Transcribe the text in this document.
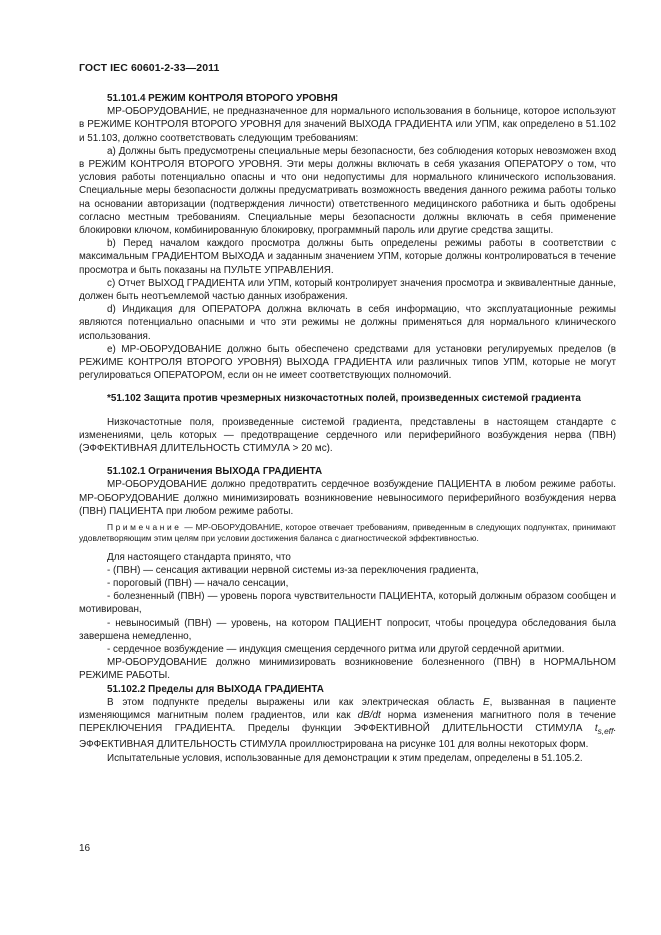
ГОСТ IEC 60601-2-33—2011

51.101.4 РЕЖИМ КОНТРОЛЯ ВТОРОГО УРОВНЯ

МР-ОБОРУДОВАНИЕ, не предназначенное для нормального использования в больнице, которое используют в РЕЖИМЕ КОНТРОЛЯ ВТОРОГО УРОВНЯ для значений ВЫХОДА ГРАДИЕНТА или УПМ, как определено в 51.102 и 51.103, должно соответствовать следующим требованиям:

а) Должны быть предусмотрены специальные меры безопасности, без соблюдения которых невозможен вход в РЕЖИМ КОНТРОЛЯ ВТОРОГО УРОВНЯ. Эти меры должны включать в себя указания ОПЕРАТОРУ о том, что условия работы потенциально опасны и что они недопустимы для нормального клинического использования. Специальные меры безопасности должны предусматривать возможность введения данного режима работы только на основании авторизации (подтверждения личности) ответственного медицинского работника и быть одобрены согласно местным требованиям. Специальные меры безопасности должны включать в себя применение блокировки ключом, комбинированную блокировку, программный пароль или другие средства защиты.

b) Перед началом каждого просмотра должны быть определены режимы работы в соответствии с максимальным ГРАДИЕНТОМ ВЫХОДА и заданным значением УПМ, которые должны контролироваться в течение просмотра и быть показаны на ПУЛЬТЕ УПРАВЛЕНИЯ.

с) Отчет ВЫХОД ГРАДИЕНТА или УПМ, который контролирует значения просмотра и эквивалентные данные, должен быть неотъемлемой частью данных изображения.

d) Индикация для ОПЕРАТОРА должна включать в себя информацию, что эксплуатационные режимы являются потенциально опасными и что эти режимы не должны применяться для нормального клинического использования.

е) МР-ОБОРУДОВАНИЕ должно быть обеспечено средствами для установки регулируемых пределов (в РЕЖИМЕ КОНТРОЛЯ ВТОРОГО УРОВНЯ) ВЫХОДА ГРАДИЕНТА или различных типов УПМ, которые не могут регулироваться ОПЕРАТОРОМ, если он не имеет соответствующих полномочий.

*51.102 Защита против чрезмерных низкочастотных полей, произведенных системой градиента

Низкочастотные поля, произведенные системой градиента, представлены в настоящем стандарте с изменениями, цель которых — предотвращение сердечного или периферийного возбуждения нерва (ПВН) (ЭФФЕКТИВНАЯ ДЛИТЕЛЬНОСТЬ СТИМУЛА > 20 мс).

51.102.1 Ограничения ВЫХОДА ГРАДИЕНТА

МР-ОБОРУДОВАНИЕ должно предотвратить сердечное возбуждение ПАЦИЕНТА в любом режиме работы. МР-ОБОРУДОВАНИЕ должно минимизировать возникновение невыносимого периферийного возбуждения нерва (ПВН) ПАЦИЕНТА при любом режиме работы.

Примечание — МР-ОБОРУДОВАНИЕ, которое отвечает требованиям, приведенным в следующих подпунктах, принимают удовлетворяющим этим целям при условии достижения баланса с диагностической эффективностью.

Для настоящего стандарта принято, что

- (ПВН) — сенсация активации нервной системы из-за переключения градиента,

- пороговый (ПВН) — начало сенсации,

- болезненный (ПВН) — уровень порога чувствительности ПАЦИЕНТА, который должным образом сообщен и мотивирован,

- невыносимый (ПВН) — уровень, на котором ПАЦИЕНТ попросит, чтобы процедура обследования была завершена немедленно,

- сердечное возбуждение — индукция смещения сердечного ритма или другой сердечной аритмии.

МР-ОБОРУДОВАНИЕ должно минимизировать возникновение болезненного (ПВН) в НОРМАЛЬНОМ РЕЖИМЕ РАБОТЫ.

51.102.2 Пределы для ВЫХОДА ГРАДИЕНТА

В этом подпункте пределы выражены или как электрическая область Е, вызванная в пациенте изменяющимся магнитным полем градиентов, или как dB/dt норма изменения магнитного поля в течение ПЕРЕКЛЮЧЕНИЯ ГРАДИЕНТА. Пределы функции ЭФФЕКТИВНОЙ ДЛИТЕЛЬНОСТИ СТИМУЛА $t_{s,eff}$. ЭФФЕКТИВНАЯ ДЛИТЕЛЬНОСТЬ СТИМУЛА проиллюстрирована на рисунке 101 для волны некоторых форм.

Испытательные условия, использованные для демонстрации к этим пределам, определены в 51.105.2.

16
